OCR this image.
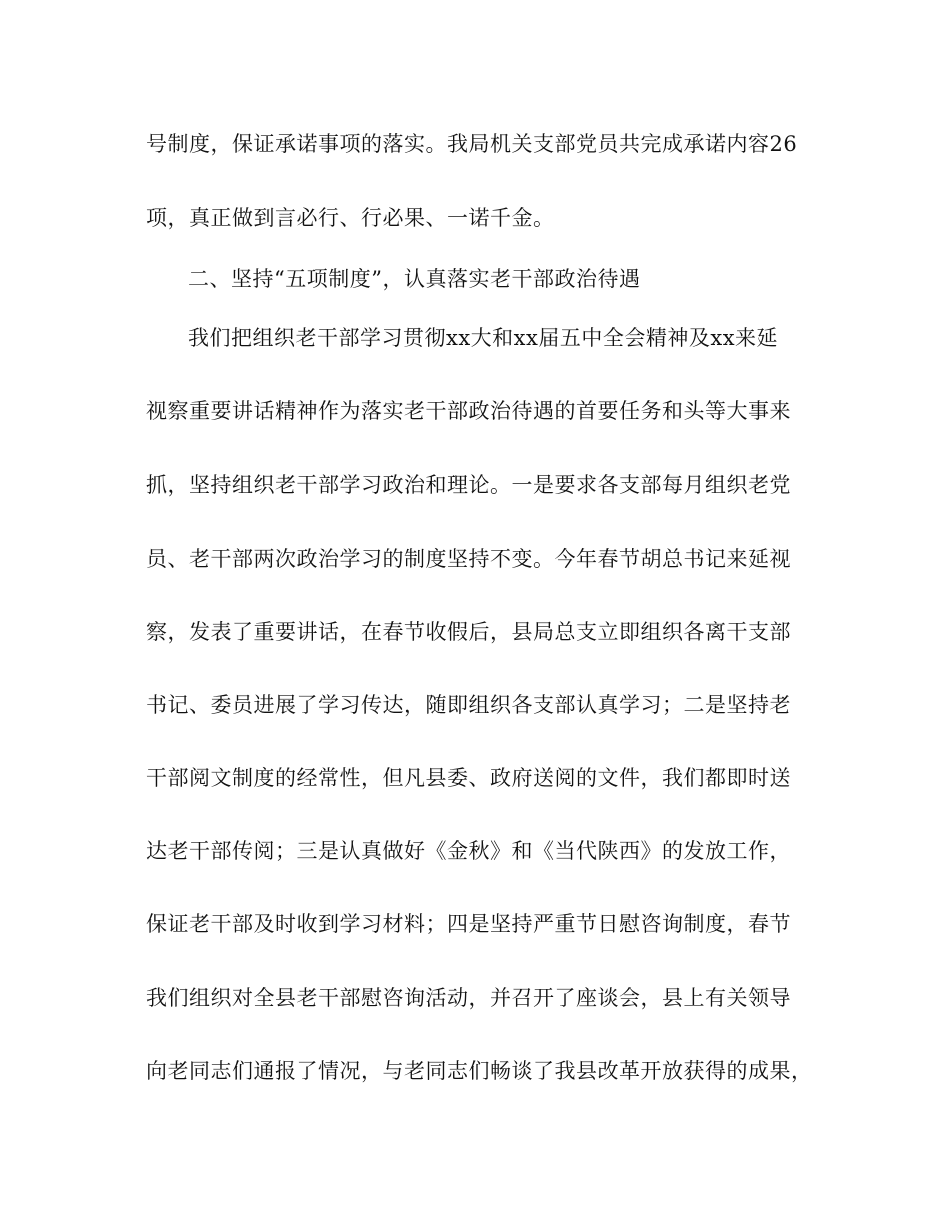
号制度，保证承诺事项的落实。我局机关支部党员共完成承诺内容26
项，真正做到言必行、行必果、一诺千金。
二、坚持“五项制度”，认真落实老干部政治待遇
我们把组织老干部学习贯彻xx大和xx届五中全会精神及xx来延
视察重要讲话精神作为落实老干部政治待遇的首要任务和头等大事来
抓，坚持组织老干部学习政治和理论。一是要求各支部每月组织老党
员、老干部两次政治学习的制度坚持不变。今年春节胡总书记来延视
察，发表了重要讲话，在春节收假后，县局总支立即组织各离干支部
书记、委员进展了学习传达，随即组织各支部认真学习；二是坚持老
干部阅文制度的经常性，但凡县委、政府送阅的文件，我们都即时送
达老干部传阅；三是认真做好《金秋》和《当代陕西》的发放工作，
保证老干部及时收到学习材料；四是坚持严重节日慰咨询制度，春节
我们组织对全县老干部慰咨询活动，并召开了座谈会，县上有关领导
向老同志们通报了情况，与老同志们畅谈了我县改革开放获得的成果，
